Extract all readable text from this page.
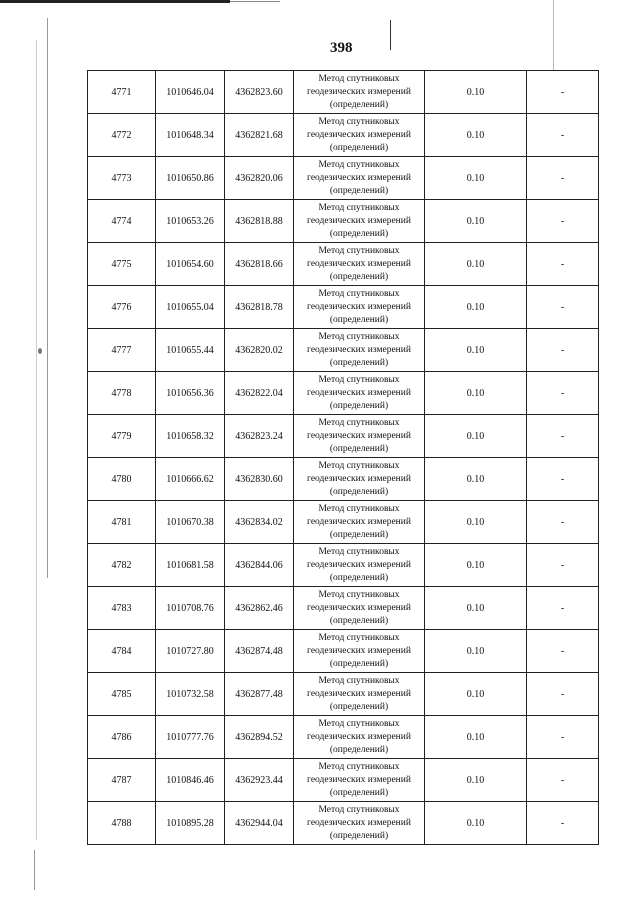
398
4771	1010646.04	4362823.60	Метод спутниковых
геодезических измерений
(определений)	0.10	-
4772	1010648.34	4362821.68	Метод спутниковых
геодезических измерений
(определений)	0.10	-
4773	1010650.86	4362820.06	Метод спутниковых
геодезических измерений
(определений)	0.10	-
4774	1010653.26	4362818.88	Метод спутниковых
геодезических измерений
(определений)	0.10	-
4775	1010654.60	4362818.66	Метод спутниковых
геодезических измерений
(определений)	0.10	-
4776	1010655.04	4362818.78	Метод спутниковых
геодезических измерений
(определений)	0.10	-
4777	1010655.44	4362820.02	Метод спутниковых
геодезических измерений
(определений)	0.10	-
4778	1010656.36	4362822.04	Метод спутниковых
геодезических измерений
(определений)	0.10	-
4779	1010658.32	4362823.24	Метод спутниковых
геодезических измерений
(определений)	0.10	-
4780	1010666.62	4362830.60	Метод спутниковых
геодезических измерений
(определений)	0.10	-
4781	1010670.38	4362834.02	Метод спутниковых
геодезических измерений
(определений)	0.10	-
4782	1010681.58	4362844.06	Метод спутниковых
геодезических измерений
(определений)	0.10	-
4783	1010708.76	4362862.46	Метод спутниковых
геодезических измерений
(определений)	0.10	-
4784	1010727.80	4362874.48	Метод спутниковых
геодезических измерений
(определений)	0.10	-
4785	1010732.58	4362877.48	Метод спутниковых
геодезических измерений
(определений)	0.10	-
4786	1010777.76	4362894.52	Метод спутниковых
геодезических измерений
(определений)	0.10	-
4787	1010846.46	4362923.44	Метод спутниковых
геодезических измерений
(определений)	0.10	-
4788	1010895.28	4362944.04	Метод спутниковых
геодезических измерений
(определений)	0.10	-
